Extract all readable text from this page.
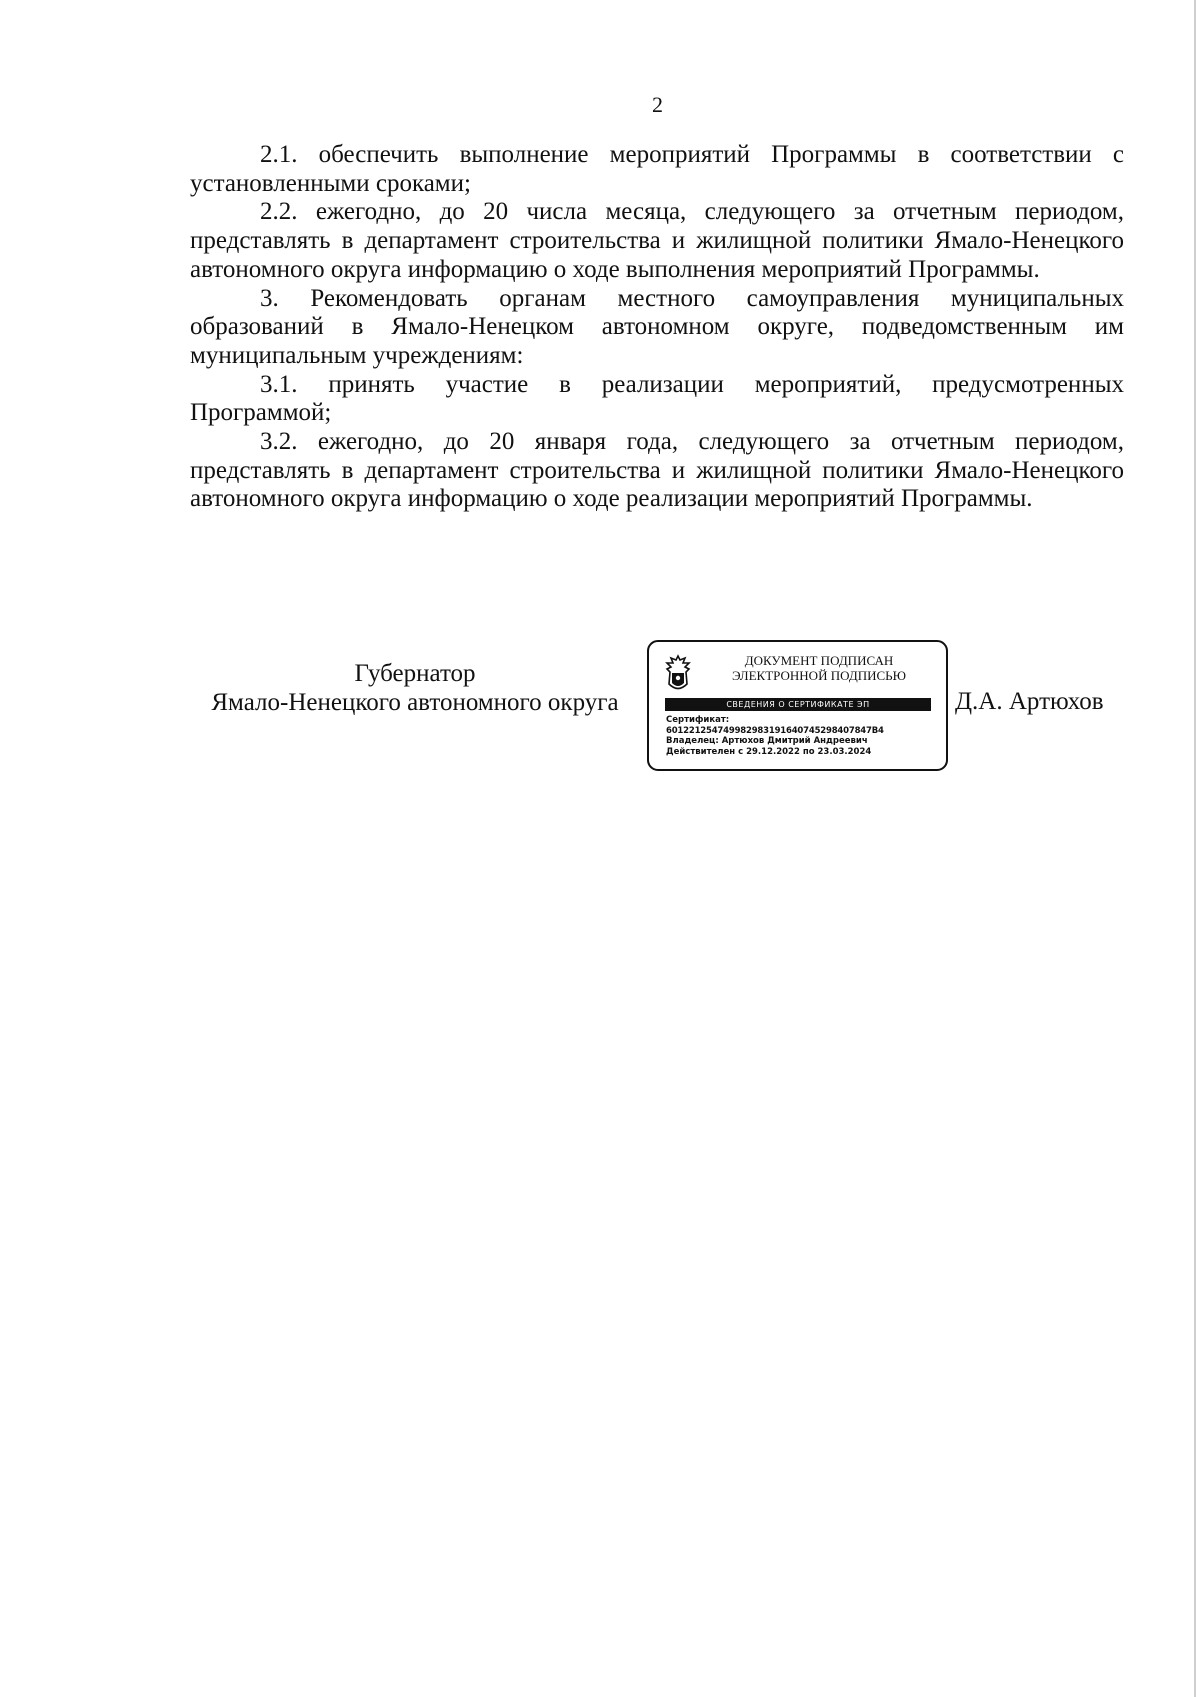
2

2.1. обеспечить выполнение мероприятий Программы в соответствии с установленными сроками;

2.2. ежегодно, до 20 числа месяца, следующего за отчетным периодом, представлять в департамент строительства и жилищной политики Ямало-Ненецкого автономного округа информацию о ходе выполнения мероприятий Программы.

3. Рекомендовать органам местного самоуправления муниципальных образований в Ямало-Ненецком автономном округе, подведомственным им муниципальным учреждениям:

3.1. принять участие в реализации мероприятий, предусмотренных Программой;

3.2. ежегодно, до 20 января года, следующего за отчетным периодом, представлять в департамент строительства и жилищной политики Ямало-Ненецкого автономного округа информацию о ходе реализации мероприятий Программы.

Губернатор
Ямало-Ненецкого автономного округа
ДОКУМЕНТ ПОДПИСАН
ЭЛЕКТРОННОЙ ПОДПИСЬЮ
СВЕДЕНИЯ О СЕРТИФИКАТЕ ЭП
Сертификат:
601221254749982983191640745298407847В4
Владелец: Артюхов Дмитрий Андреевич
Действителен с 29.12.2022 по 23.03.2024
Д.А. Артюхов
